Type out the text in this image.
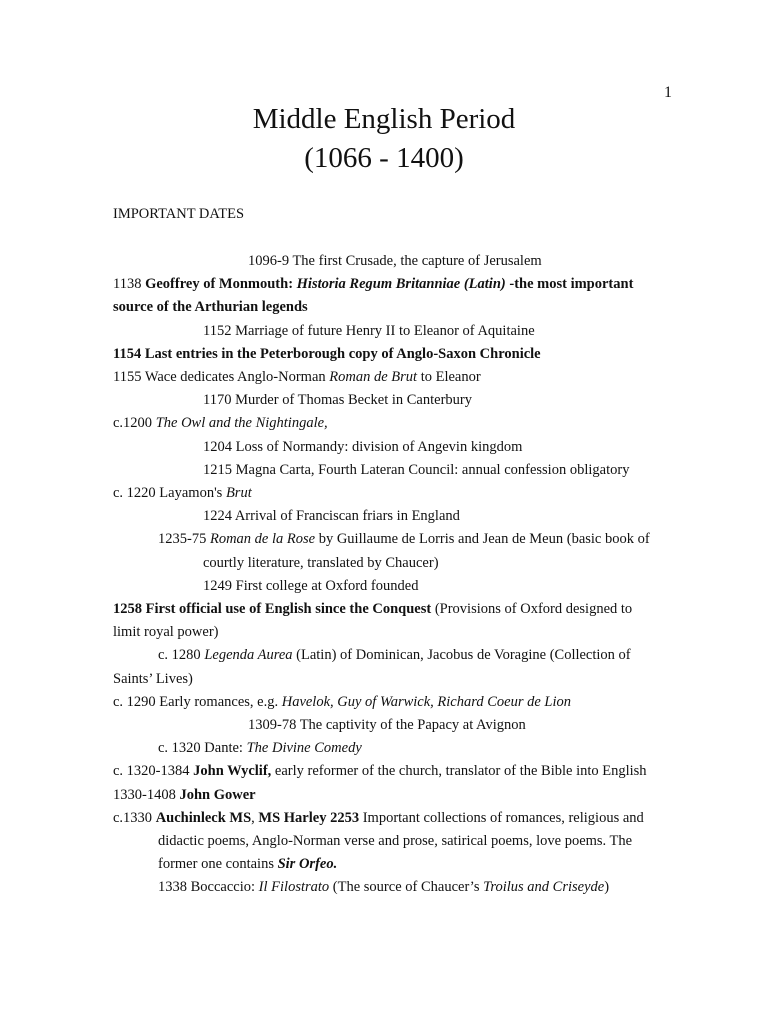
1
Middle English Period
(1066 - 1400)
IMPORTANT DATES

1096-9 The first Crusade, the capture of Jerusalem

1138 Geoffrey of Monmouth: Historia Regum Britanniae (Latin) -the most important source of the Arthurian legends

1152 Marriage of future Henry II to Eleanor of Aquitaine

1154 Last entries in the Peterborough copy of Anglo-Saxon Chronicle

1155 Wace dedicates Anglo-Norman Roman de Brut to Eleanor

1170 Murder of Thomas Becket in Canterbury

c.1200 The Owl and the Nightingale,

1204 Loss of Normandy: division of Angevin kingdom

1215 Magna Carta, Fourth Lateran Council: annual confession obligatory

c. 1220 Layamon's Brut

1224 Arrival of Franciscan friars in England

1235-75 Roman de la Rose by Guillaume de Lorris and Jean de Meun (basic book of courtly literature, translated by Chaucer)

1249 First college at Oxford founded

1258 First official use of English since the Conquest (Provisions of Oxford designed to limit royal power)

c. 1280 Legenda Aurea (Latin) of Dominican, Jacobus de Voragine (Collection of

Saints’ Lives)

c. 1290 Early romances, e.g. Havelok, Guy of Warwick, Richard Coeur de Lion

1309-78 The captivity of the Papacy at Avignon

c. 1320 Dante: The Divine Comedy

c. 1320-1384 John Wyclif, early reformer of the church, translator of the Bible into English

1330-1408 John Gower

c.1330 Auchinleck MS, MS Harley 2253 Important collections of romances, religious and didactic poems, Anglo-Norman verse and prose, satirical poems, love poems. The former one contains Sir Orfeo.

1338 Boccaccio: Il Filostrato (The source of Chaucer’s Troilus and Criseyde)
